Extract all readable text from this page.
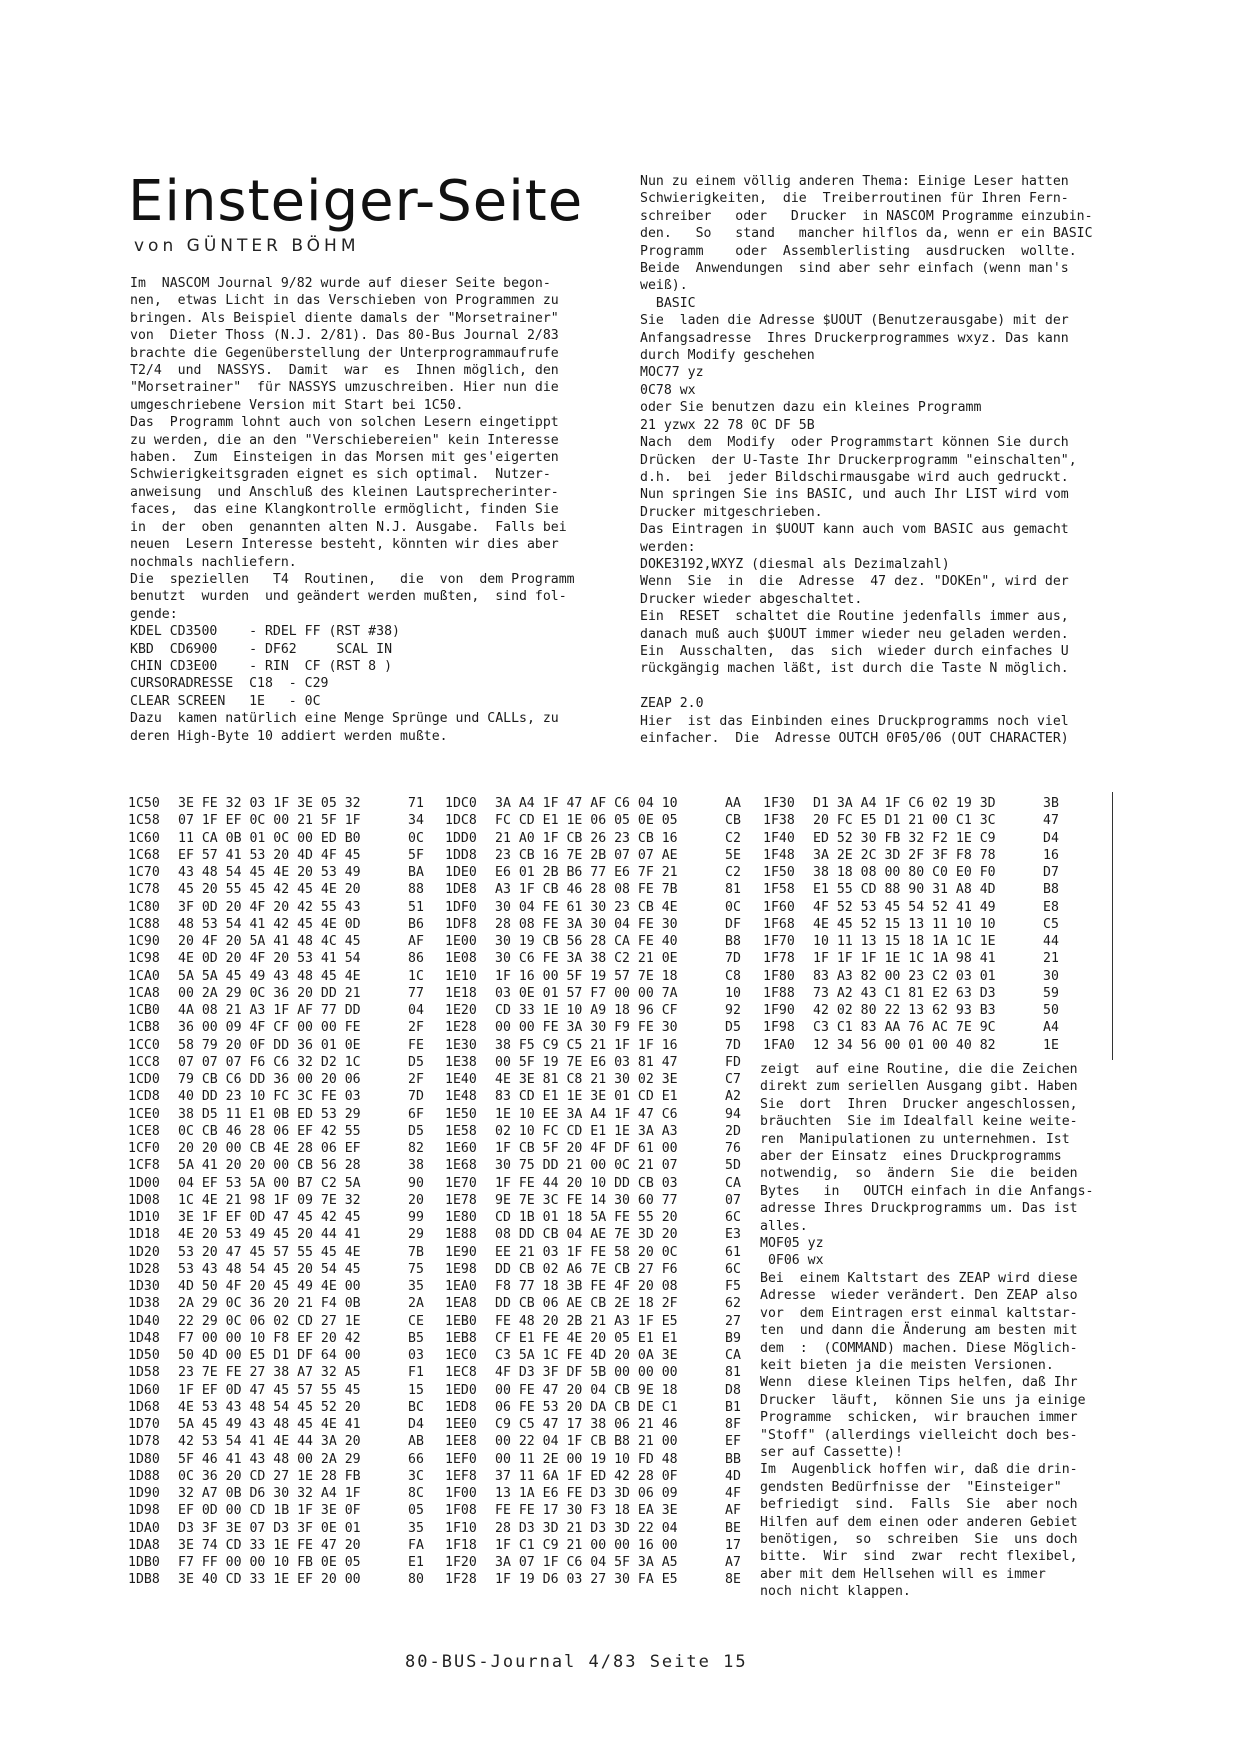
Einsteiger-Seite
von GÜNTER BÖHM
Im  NASCOM Journal 9/82 wurde auf dieser Seite begon-
nen,  etwas Licht in das Verschieben von Programmen zu
bringen. Als Beispiel diente damals der "Morsetrainer"
von  Dieter Thoss (N.J. 2/81). Das 80-Bus Journal 2/83
brachte die Gegenüberstellung der Unterprogrammaufrufe
T2/4  und  NASSYS.  Damit  war  es  Ihnen möglich, den
"Morsetrainer"  für NASSYS umzuschreiben. Hier nun die
umgeschriebene Version mit Start bei 1C50.
Das  Programm lohnt auch von solchen Lesern eingetippt
zu werden, die an den "Verschiebereien" kein Interesse
haben.  Zum  Einsteigen in das Morsen mit ges'eigerten
Schwierigkeitsgraden eignet es sich optimal.  Nutzer-
anweisung  und Anschluß des kleinen Lautsprecherinter-
faces,  das eine Klangkontrolle ermöglicht, finden Sie
in  der  oben  genannten alten N.J. Ausgabe.  Falls bei
neuen  Lesern Interesse besteht, könnten wir dies aber
nochmals nachliefern.
Die  speziellen   T4  Routinen,   die  von  dem Programm
benutzt  wurden  und geändert werden mußten,  sind fol-
gende:
KDEL CD3500    - RDEL FF (RST #38)
KBD  CD6900    - DF62     SCAL IN
CHIN CD3E00    - RIN  CF (RST 8 )
CURSORADRESSE  C18  - C29
CLEAR SCREEN   1E   - 0C
Dazu  kamen natürlich eine Menge Sprünge und CALLs, zu
deren High-Byte 10 addiert werden mußte.
Nun zu einem völlig anderen Thema: Einige Leser hatten
Schwierigkeiten,  die  Treiberroutinen für Ihren Fern-
schreiber   oder   Drucker  in NASCOM Programme einzubin-
den.   So   stand   mancher hilflos da, wenn er ein BASIC
Programm    oder  Assemblerlisting  ausdrucken  wollte.
Beide  Anwendungen  sind aber sehr einfach (wenn man's
weiß).
BASIC
Sie  laden die Adresse $UOUT (Benutzerausgabe) mit der
Anfangsadresse  Ihres Druckerprogrammes wxyz. Das kann
durch Modify geschehen
MOC77 yz
0C78 wx
oder Sie benutzen dazu ein kleines Programm
21 yzwx 22 78 0C DF 5B
Nach  dem  Modify  oder Programmstart können Sie durch
Drücken  der U-Taste Ihr Druckerprogramm "einschalten",
d.h.  bei  jeder Bildschirmausgabe wird auch gedruckt.
Nun springen Sie ins BASIC, und auch Ihr LIST wird vom
Drucker mitgeschrieben.
Das Eintragen in $UOUT kann auch vom BASIC aus gemacht
werden:
DOKE3192,WXYZ (diesmal als Dezimalzahl)
Wenn  Sie  in  die  Adresse  47 dez. "DOKEn", wird der
Drucker wieder abgeschaltet.
Ein  RESET  schaltet die Routine jedenfalls immer aus,
danach muß auch $UOUT immer wieder neu geladen werden.
Ein  Ausschalten,  das  sich  wieder durch einfaches U
rückgängig machen läßt, ist durch die Taste N möglich.

ZEAP 2.0
Hier  ist das Einbinden eines Druckprogramms noch viel
einfacher.  Die  Adresse OUTCH 0F05/06 (OUT CHARACTER)
1C50	3E FE 32 03 1F 3E 05 32	71
1C58	07 1F EF 0C 00 21 5F 1F	34
1C60	11 CA 0B 01 0C 00 ED B0	0C
1C68	EF 57 41 53 20 4D 4F 45	5F
1C70	43 48 54 45 4E 20 53 49	BA
1C78	45 20 55 45 42 45 4E 20	88
1C80	3F 0D 20 4F 20 42 55 43	51
1C88	48 53 54 41 42 45 4E 0D	B6
1C90	20 4F 20 5A 41 48 4C 45	AF
1C98	4E 0D 20 4F 20 53 41 54	86
1CA0	5A 5A 45 49 43 48 45 4E	1C
1CA8	00 2A 29 0C 36 20 DD 21	77
1CB0	4A 08 21 A3 1F AF 77 DD	04
1CB8	36 00 09 4F CF 00 00 FE	2F
1CC0	58 79 20 0F DD 36 01 0E	FE
1CC8	07 07 07 F6 C6 32 D2 1C	D5
1CD0	79 CB C6 DD 36 00 20 06	2F
1CD8	40 DD 23 10 FC 3C FE 03	7D
1CE0	38 D5 11 E1 0B ED 53 29	6F
1CE8	0C CB 46 28 06 EF 42 55	D5
1CF0	20 20 00 CB 4E 28 06 EF	82
1CF8	5A 41 20 20 00 CB 56 28	38
1D00	04 EF 53 5A 00 B7 C2 5A	90
1D08	1C 4E 21 98 1F 09 7E 32	20
1D10	3E 1F EF 0D 47 45 42 45	99
1D18	4E 20 53 49 45 20 44 41	29
1D20	53 20 47 45 57 55 45 4E	7B
1D28	53 43 48 54 45 20 54 45	75
1D30	4D 50 4F 20 45 49 4E 00	35
1D38	2A 29 0C 36 20 21 F4 0B	2A
1D40	22 29 0C 06 02 CD 27 1E	CE
1D48	F7 00 00 10 F8 EF 20 42	B5
1D50	50 4D 00 E5 D1 DF 64 00	03
1D58	23 7E FE 27 38 A7 32 A5	F1
1D60	1F EF 0D 47 45 57 55 45	15
1D68	4E 53 43 48 54 45 52 20	BC
1D70	5A 45 49 43 48 45 4E 41	D4
1D78	42 53 54 41 4E 44 3A 20	AB
1D80	5F 46 41 43 48 00 2A 29	66
1D88	0C 36 20 CD 27 1E 28 FB	3C
1D90	32 A7 0B D6 30 32 A4 1F	8C
1D98	EF 0D 00 CD 1B 1F 3E 0F	05
1DA0	D3 3F 3E 07 D3 3F 0E 01	35
1DA8	3E 74 CD 33 1E FE 47 20	FA
1DB0	F7 FF 00 00 10 FB 0E 05	E1
1DB8	3E 40 CD 33 1E EF 20 00	80
1DC0	3A A4 1F 47 AF C6 04 10	AA
1DC8	FC CD E1 1E 06 05 0E 05	CB
1DD0	21 A0 1F CB 26 23 CB 16	C2
1DD8	23 CB 16 7E 2B 07 07 AE	5E
1DE0	E6 01 2B B6 77 E6 7F 21	C2
1DE8	A3 1F CB 46 28 08 FE 7B	81
1DF0	30 04 FE 61 30 23 CB 4E	0C
1DF8	28 08 FE 3A 30 04 FE 30	DF
1E00	30 19 CB 56 28 CA FE 40	B8
1E08	30 C6 FE 3A 38 C2 21 0E	7D
1E10	1F 16 00 5F 19 57 7E 18	C8
1E18	03 0E 01 57 F7 00 00 7A	10
1E20	CD 33 1E 10 A9 18 96 CF	92
1E28	00 00 FE 3A 30 F9 FE 30	D5
1E30	38 F5 C9 C5 21 1F 1F 16	7D
1E38	00 5F 19 7E E6 03 81 47	FD
1E40	4E 3E 81 C8 21 30 02 3E	C7
1E48	83 CD E1 1E 3E 01 CD E1	A2
1E50	1E 10 EE 3A A4 1F 47 C6	94
1E58	02 10 FC CD E1 1E 3A A3	2D
1E60	1F CB 5F 20 4F DF 61 00	76
1E68	30 75 DD 21 00 0C 21 07	5D
1E70	1F FE 44 20 10 DD CB 03	CA
1E78	9E 7E 3C FE 14 30 60 77	07
1E80	CD 1B 01 18 5A FE 55 20	6C
1E88	08 DD CB 04 AE 7E 3D 20	E3
1E90	EE 21 03 1F FE 58 20 0C	61
1E98	DD CB 02 A6 7E CB 27 F6	6C
1EA0	F8 77 18 3B FE 4F 20 08	F5
1EA8	DD CB 06 AE CB 2E 18 2F	62
1EB0	FE 48 20 2B 21 A3 1F E5	27
1EB8	CF E1 FE 4E 20 05 E1 E1	B9
1EC0	C3 5A 1C FE 4D 20 0A 3E	CA
1EC8	4F D3 3F DF 5B 00 00 00	81
1ED0	00 FE 47 20 04 CB 9E 18	D8
1ED8	06 FE 53 20 DA CB DE C1	B1
1EE0	C9 C5 47 17 38 06 21 46	8F
1EE8	00 22 04 1F CB B8 21 00	EF
1EF0	00 11 2E 00 19 10 FD 48	BB
1EF8	37 11 6A 1F ED 42 28 0F	4D
1F00	13 1A E6 FE D3 3D 06 09	4F
1F08	FE FE 17 30 F3 18 EA 3E	AF
1F10	28 D3 3D 21 D3 3D 22 04	BE
1F18	1F C1 C9 21 00 00 16 00	17
1F20	3A 07 1F C6 04 5F 3A A5	A7
1F28	1F 19 D6 03 27 30 FA E5	8E
1F30	D1 3A A4 1F C6 02 19 3D	3B
1F38	20 FC E5 D1 21 00 C1 3C	47
1F40	ED 52 30 FB 32 F2 1E C9	D4
1F48	3A 2E 2C 3D 2F 3F F8 78	16
1F50	38 18 08 00 80 C0 E0 F0	D7
1F58	E1 55 CD 88 90 31 A8 4D	B8
1F60	4F 52 53 45 54 52 41 49	E8
1F68	4E 45 52 15 13 11 10 10	C5
1F70	10 11 13 15 18 1A 1C 1E	44
1F78	1F 1F 1F 1E 1C 1A 98 41	21
1F80	83 A3 82 00 23 C2 03 01	30
1F88	73 A2 43 C1 81 E2 63 D3	59
1F90	42 02 80 22 13 62 93 B3	50
1F98	C3 C1 83 AA 76 AC 7E 9C	A4
1FA0	12 34 56 00 01 00 40 82	1E
zeigt  auf eine Routine, die die Zeichen
direkt zum seriellen Ausgang gibt. Haben
Sie  dort  Ihren  Drucker angeschlossen,
bräuchten  Sie im Idealfall keine weite-
ren  Manipulationen zu unternehmen. Ist
aber der Einsatz  eines Druckprogramms
notwendig,  so  ändern  Sie  die  beiden
Bytes   in   OUTCH einfach in die Anfangs-
adresse Ihres Druckprogramms um. Das ist
alles.
MOF05 yz
0F06 wx
Bei  einem Kaltstart des ZEAP wird diese
Adresse  wieder verändert. Den ZEAP also
vor  dem Eintragen erst einmal kaltstar-
ten  und dann die Änderung am besten mit
dem  :  (COMMAND) machen. Diese Möglich-
keit bieten ja die meisten Versionen.
Wenn  diese kleinen Tips helfen, daß Ihr
Drucker  läuft,  können Sie uns ja einige
Programme  schicken,  wir brauchen immer
"Stoff" (allerdings vielleicht doch bes-
ser auf Cassette)!
Im  Augenblick hoffen wir, daß die drin-
gendsten Bedürfnisse der  "Einsteiger"
befriedigt  sind.  Falls  Sie  aber noch
Hilfen auf dem einen oder anderen Gebiet
benötigen,  so  schreiben  Sie  uns doch
bitte.  Wir  sind  zwar  recht flexibel,
aber mit dem Hellsehen will es immer
noch nicht klappen.
80-BUS-Journal 4/83 Seite 15
